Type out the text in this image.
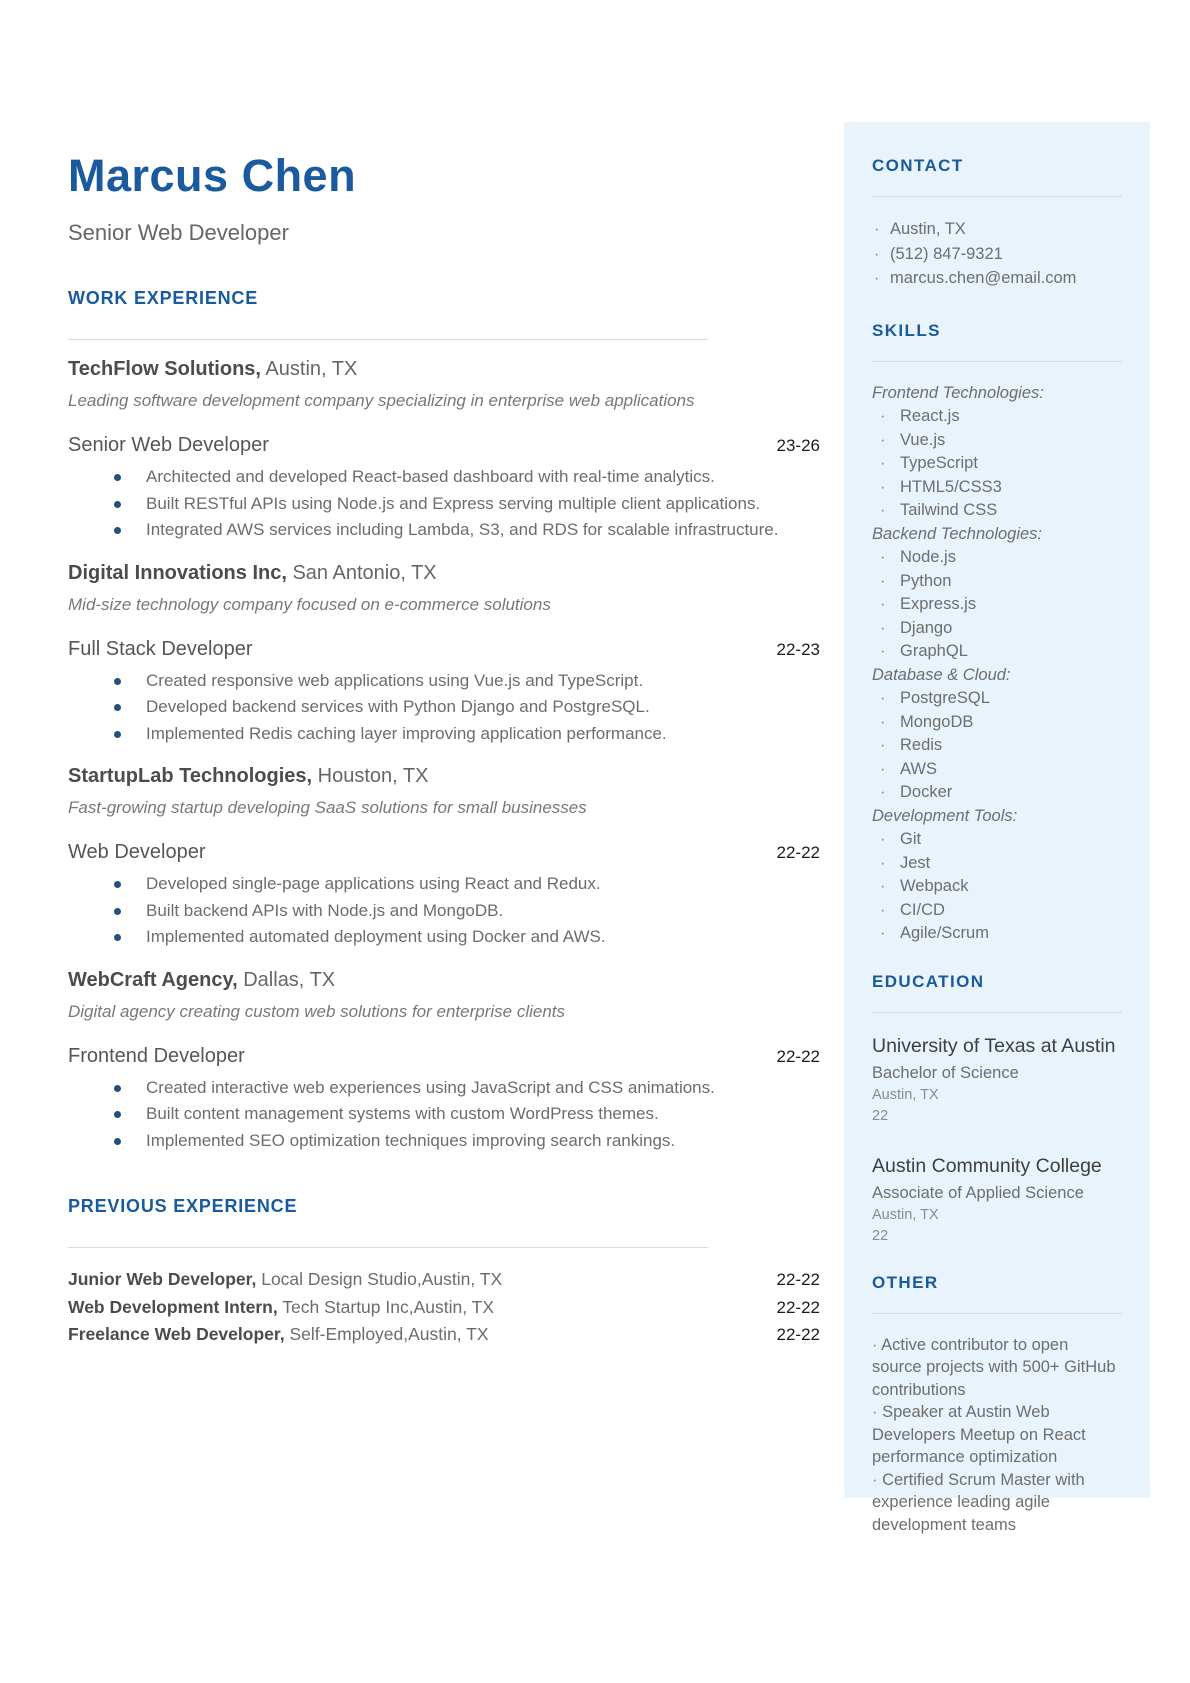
Marcus Chen
Senior Web Developer
WORK EXPERIENCE
TechFlow Solutions, Austin, TX
Leading software development company specializing in enterprise web applications
Senior Web Developer	23-26
Architected and developed React-based dashboard with real-time analytics.
Built RESTful APIs using Node.js and Express serving multiple client applications.
Integrated AWS services including Lambda, S3, and RDS for scalable infrastructure.
Digital Innovations Inc, San Antonio, TX
Mid-size technology company focused on e-commerce solutions
Full Stack Developer	22-23
Created responsive web applications using Vue.js and TypeScript.
Developed backend services with Python Django and PostgreSQL.
Implemented Redis caching layer improving application performance.
StartupLab Technologies, Houston, TX
Fast-growing startup developing SaaS solutions for small businesses
Web Developer	22-22
Developed single-page applications using React and Redux.
Built backend APIs with Node.js and MongoDB.
Implemented automated deployment using Docker and AWS.
WebCraft Agency, Dallas, TX
Digital agency creating custom web solutions for enterprise clients
Frontend Developer	22-22
Created interactive web experiences using JavaScript and CSS animations.
Built content management systems with custom WordPress themes.
Implemented SEO optimization techniques improving search rankings.
PREVIOUS EXPERIENCE
Junior Web Developer, Local Design Studio,Austin, TX	22-22
Web Development Intern, Tech Startup Inc,Austin, TX	22-22
Freelance Web Developer, Self-Employed,Austin, TX	22-22
CONTACT
· Austin, TX
· (512) 847-9321
· marcus.chen@email.com
SKILLS
Frontend Technologies:
· React.js
· Vue.js
· TypeScript
· HTML5/CSS3
· Tailwind CSS
Backend Technologies:
· Node.js
· Python
· Express.js
· Django
· GraphQL
Database & Cloud:
· PostgreSQL
· MongoDB
· Redis
· AWS
· Docker
Development Tools:
· Git
· Jest
· Webpack
· CI/CD
· Agile/Scrum
EDUCATION
University of Texas at Austin
Bachelor of Science
Austin, TX
22
Austin Community College
Associate of Applied Science
Austin, TX
22
OTHER
· Active contributor to open source projects with 500+ GitHub contributions
· Speaker at Austin Web Developers Meetup on React performance optimization
· Certified Scrum Master with experience leading agile development teams
